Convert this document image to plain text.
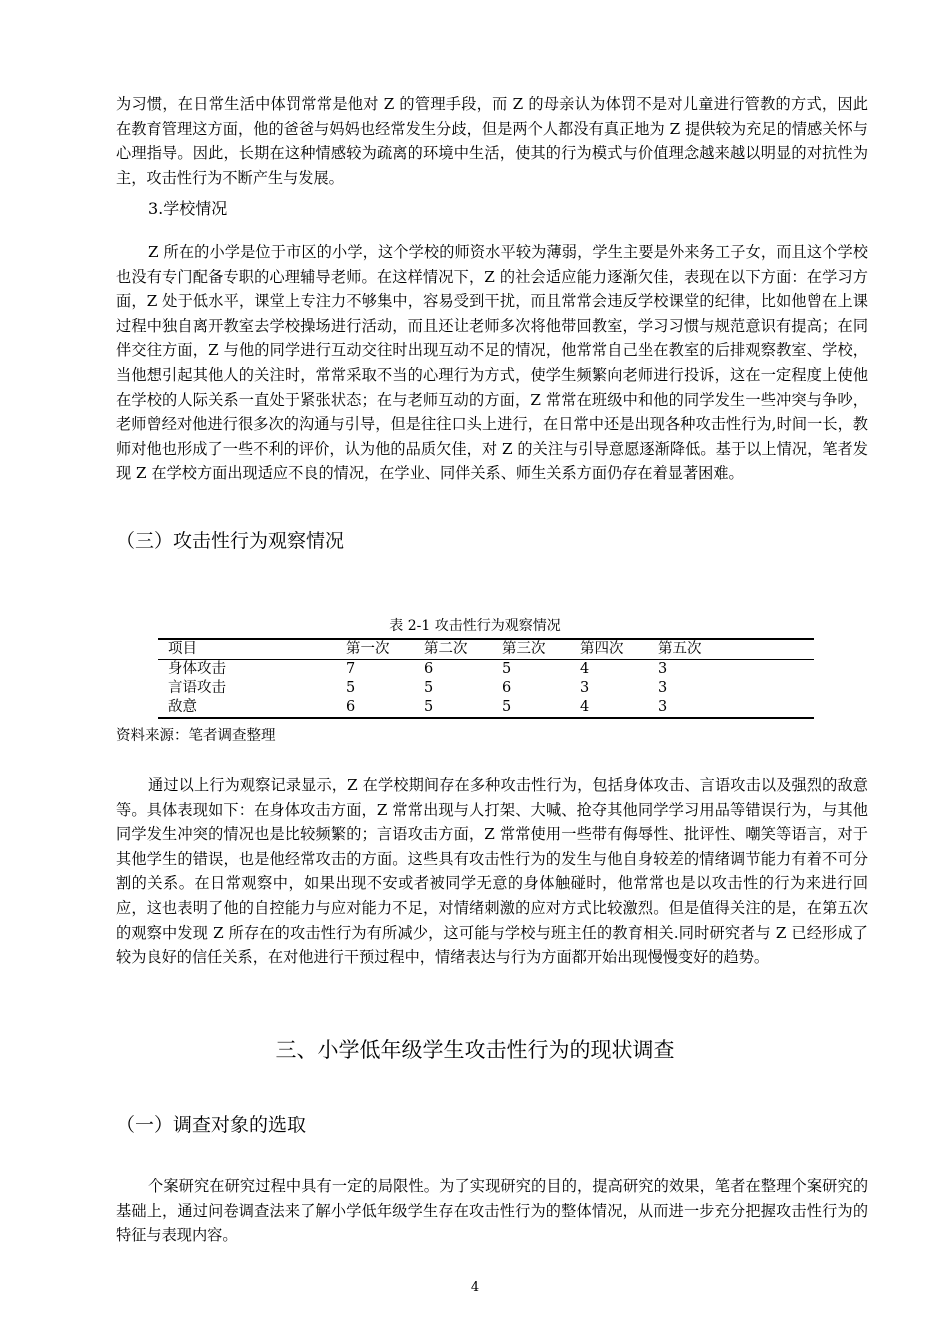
为习惯，在日常生活中体罚常常是他对 Z 的管理手段，而 Z 的母亲认为体罚不是对儿童进行管教的方式，因此在教育管理这方面，他的爸爸与妈妈也经常发生分歧，但是两个人都没有真正地为 Z 提供较为充足的情感关怀与心理指导。因此，长期在这种情感较为疏离的环境中生活，使其的行为模式与价值理念越来越以明显的对抗性为主，攻击性行为不断产生与发展。

3.学校情况

Z 所在的小学是位于市区的小学，这个学校的师资水平较为薄弱，学生主要是外来务工子女，而且这个学校也没有专门配备专职的心理辅导老师。在这样情况下，Z 的社会适应能力逐渐欠佳，表现在以下方面：在学习方面，Z 处于低水平，课堂上专注力不够集中，容易受到干扰，而且常常会违反学校课堂的纪律，比如他曾在上课过程中独自离开教室去学校操场进行活动，而且还让老师多次将他带回教室，学习习惯与规范意识有提高；在同伴交往方面，Z 与他的同学进行互动交往时出现互动不足的情况，他常常自己坐在教室的后排观察教室、学校，当他想引起其他人的关注时，常常采取不当的心理行为方式，使学生频繁向老师进行投诉，这在一定程度上使他在学校的人际关系一直处于紧张状态；在与老师互动的方面，Z 常常在班级中和他的同学发生一些冲突与争吵，老师曾经对他进行很多次的沟通与引导，但是往往口头上进行，在日常中还是出现各种攻击性行为,时间一长，教师对他也形成了一些不利的评价，认为他的品质欠佳，对 Z 的关注与引导意愿逐渐降低。基于以上情况，笔者发现 Z 在学校方面出现适应不良的情况，在学业、同伴关系、师生关系方面仍存在着显著困难。

（三）攻击性行为观察情况

表 2-1 攻击性行为观察情况

项目	第一次	第二次	第三次	第四次	第五次
身体攻击	7	6	5	4	3
言语攻击	5	5	6	3	3
敌意	6	5	5	4	3

资料来源：笔者调查整理

通过以上行为观察记录显示，Z 在学校期间存在多种攻击性行为，包括身体攻击、言语攻击以及强烈的敌意等。具体表现如下：在身体攻击方面，Z 常常出现与人打架、大喊、抢夺其他同学学习用品等错误行为，与其他同学发生冲突的情况也是比较频繁的；言语攻击方面，Z 常常使用一些带有侮辱性、批评性、嘲笑等语言，对于其他学生的错误，也是他经常攻击的方面。这些具有攻击性行为的发生与他自身较差的情绪调节能力有着不可分割的关系。在日常观察中，如果出现不安或者被同学无意的身体触碰时，他常常也是以攻击性的行为来进行回应，这也表明了他的自控能力与应对能力不足，对情绪刺激的应对方式比较激烈。但是值得关注的是，在第五次的观察中发现 Z 所存在的攻击性行为有所减少，这可能与学校与班主任的教育相关.同时研究者与 Z 已经形成了较为良好的信任关系，在对他进行干预过程中，情绪表达与行为方面都开始出现慢慢变好的趋势。

三、小学低年级学生攻击性行为的现状调查

（一）调查对象的选取

个案研究在研究过程中具有一定的局限性。为了实现研究的目的，提高研究的效果，笔者在整理个案研究的基础上，通过问卷调查法来了解小学低年级学生存在攻击性行为的整体情况，从而进一步充分把握攻击性行为的特征与表现内容。

4
